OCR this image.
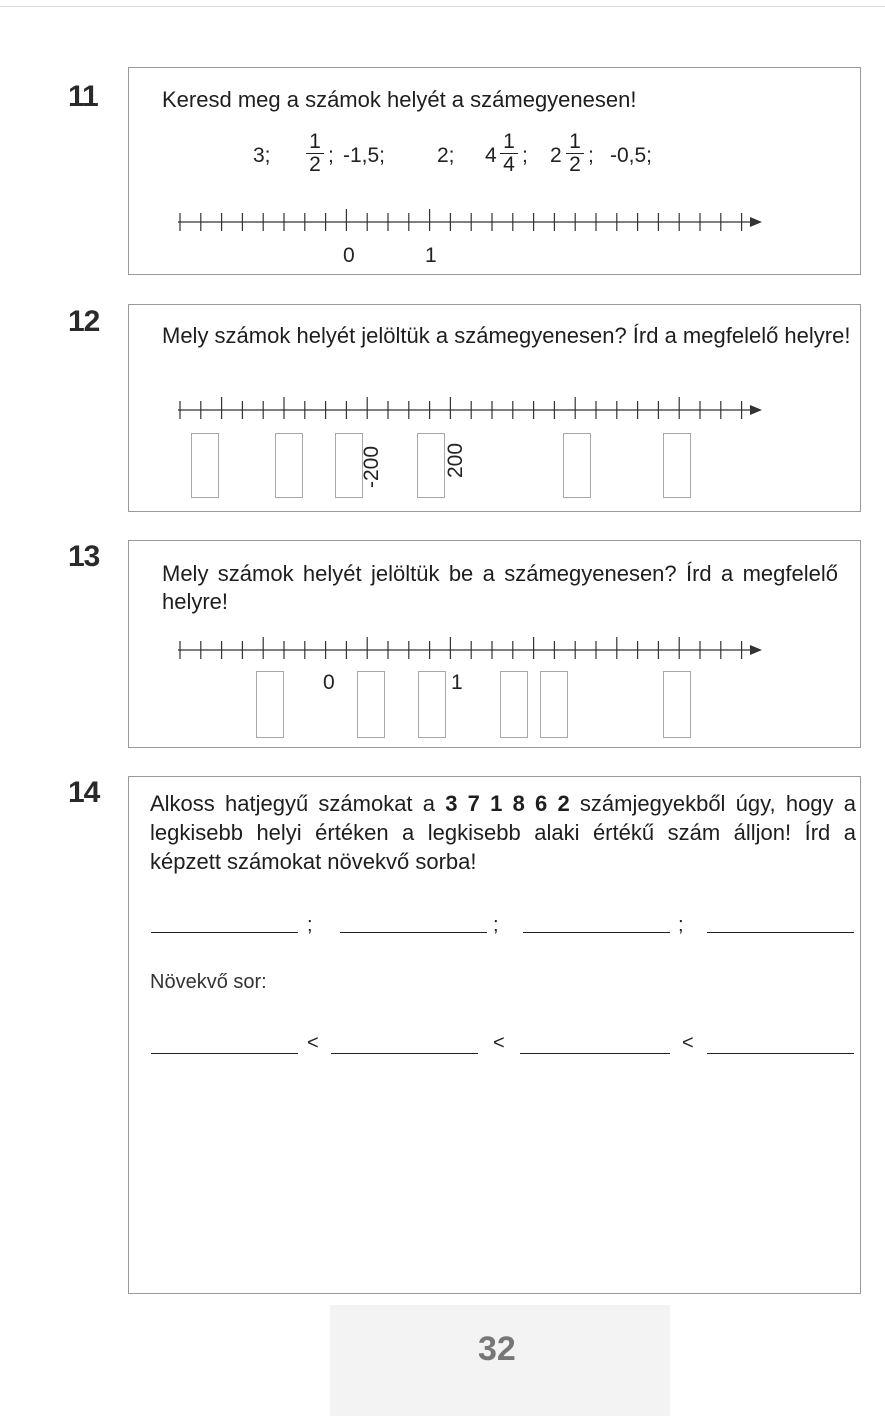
11	Keresd meg a számok helyét a számegyenesen!
3; $\frac{1}{2}$ ; -1,5; 2; $4 \frac{1}{4}$ ; $2 \frac{1}{2}$ ; -0,5;
0	1
12	Mely számok helyét jelöltük a számegyenesen? Írd a megfelelő helyre!
-200	200
13
Mely számok helyét jelöltük be a számegyenesen? Írd a megfelelő helyre!
0	1
14 Alkoss hatjegyű számokat a 3 7 1 8 6 2 számjegyekből úgy, hogy a legkisebb helyi értéken a legkisebb alaki értékű szám álljon! Írd a képzett számokat növekvő sorba!
;	;	;
Növekvő sor:
<	<	<
32
